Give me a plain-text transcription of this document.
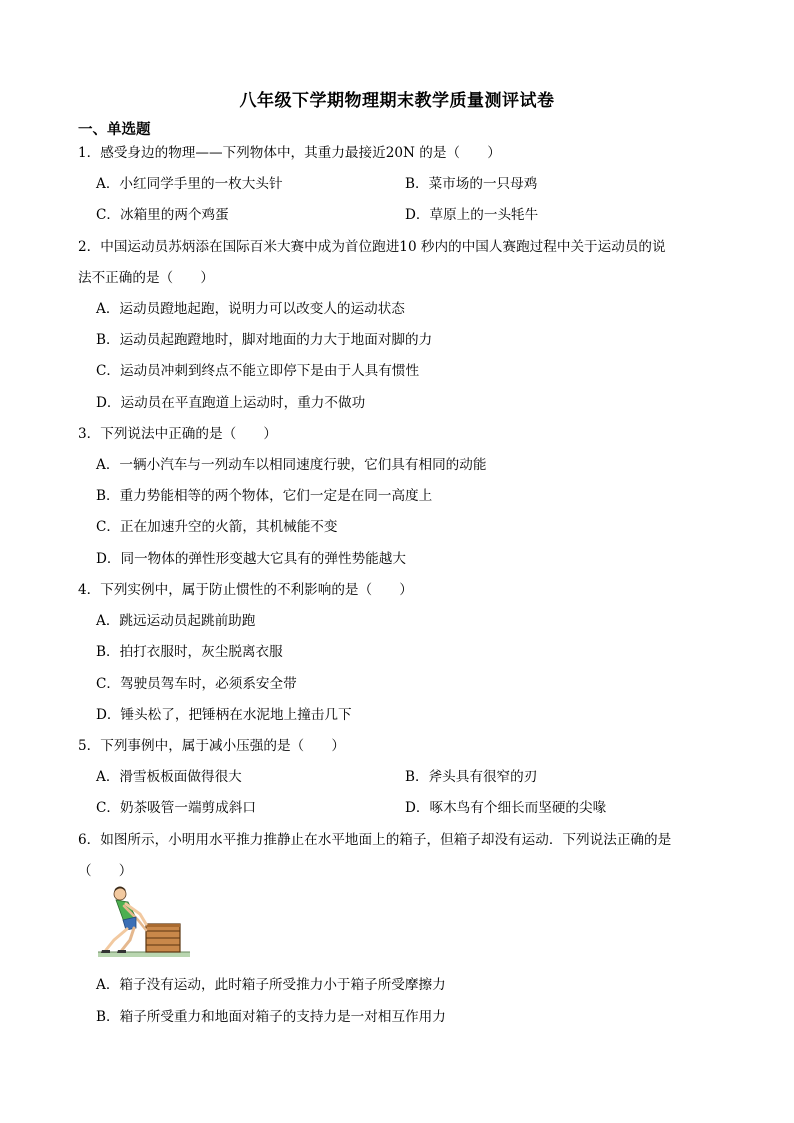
八年级下学期物理期末教学质量测评试卷
一、单选题
1．感受身边的物理——下列物体中，其重力最接近20N 的是（　　）
A．小红同学手里的一枚大头针	B．菜市场的一只母鸡
C．冰箱里的两个鸡蛋	D．草原上的一头牦牛
2．中国运动员苏炳添在国际百米大赛中成为首位跑进10 秒内的中国人赛跑过程中关于运动员的说
法不正确的是（　　）
A．运动员蹬地起跑，说明力可以改变人的运动状态
B．运动员起跑蹬地时，脚对地面的力大于地面对脚的力
C．运动员冲刺到终点不能立即停下是由于人具有惯性
D．运动员在平直跑道上运动时，重力不做功
3．下列说法中正确的是（　　）
A．一辆小汽车与一列动车以相同速度行驶，它们具有相同的动能
B．重力势能相等的两个物体，它们一定是在同一高度上
C．正在加速升空的火箭，其机械能不变
D．同一物体的弹性形变越大它具有的弹性势能越大
4．下列实例中，属于防止惯性的不利影响的是（　　）
A．跳远运动员起跳前助跑
B．拍打衣服时，灰尘脱离衣服
C．驾驶员驾车时，必须系安全带
D．锤头松了，把锤柄在水泥地上撞击几下
5．下列事例中，属于减小压强的是（　　）
A．滑雪板板面做得很大	B．斧头具有很窄的刃
C．奶茶吸管一端剪成斜口	D．啄木鸟有个细长而坚硬的尖喙
6．如图所示，小明用水平推力推静止在水平地面上的箱子，但箱子却没有运动．下列说法正确的是
（　　）
A．箱子没有运动，此时箱子所受推力小于箱子所受摩擦力
B．箱子所受重力和地面对箱子的支持力是一对相互作用力
